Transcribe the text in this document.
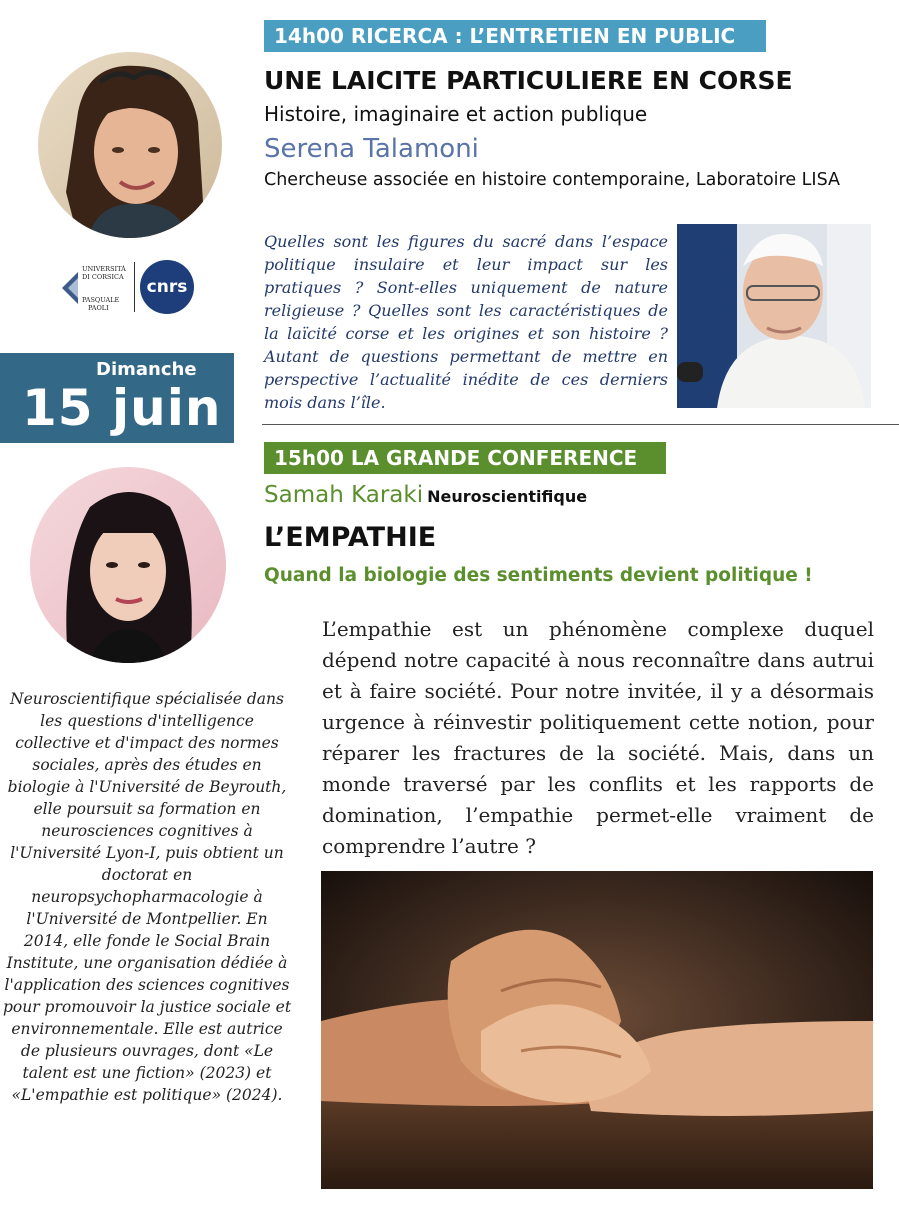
UNIVERSITÀ
DI CORSICA
PASQUALE
PAOLI
cnrs
14h00 RICERCA : L’ENTRETIEN EN PUBLIC
UNE LAICITE PARTICULIERE EN CORSE
Histoire, imaginaire et action publique
Serena Talamoni
Chercheuse associée en histoire contemporaine, Laboratoire LISA
Quelles sont les figures du sacré dans l’espace politique insulaire et leur impact sur les pratiques ? Sont-elles uniquement de nature religieuse ? Quelles sont les caractéristiques de la laïcité corse et les origines et son histoire ? Autant de questions permettant de mettre en perspective l’actualité inédite de ces derniers mois dans l’île.
Dimanche
15 juin
15h00 LA GRANDE CONFERENCE
Samah Karaki Neuroscientifique
L’EMPATHIE
Quand la biologie des sentiments devient politique !
L’empathie est un phénomène complexe duquel dépend notre capacité à nous reconnaître dans autrui et à faire société. Pour notre invitée, il y a désormais urgence à réinvestir politiquement cette notion, pour réparer les fractures de la société. Mais, dans un monde traversé par les conflits et les rapports de domination, l’empathie permet-elle vraiment de comprendre l’autre ?
Neuroscientifique spécialisée dans les questions d'intelligence collective et d'impact des normes sociales, après des études en biologie à l'Université de Beyrouth, elle poursuit sa formation en neurosciences cognitives à l'Université Lyon-I, puis obtient un doctorat en neuropsychopharmacologie à l'Université de Montpellier. En 2014, elle fonde le Social Brain Institute, une organisation dédiée à l'application des sciences cognitives pour promouvoir la justice sociale et environnementale. Elle est autrice de plusieurs ouvrages, dont «Le talent est une fiction» (2023) et «L'empathie est politique» (2024).
